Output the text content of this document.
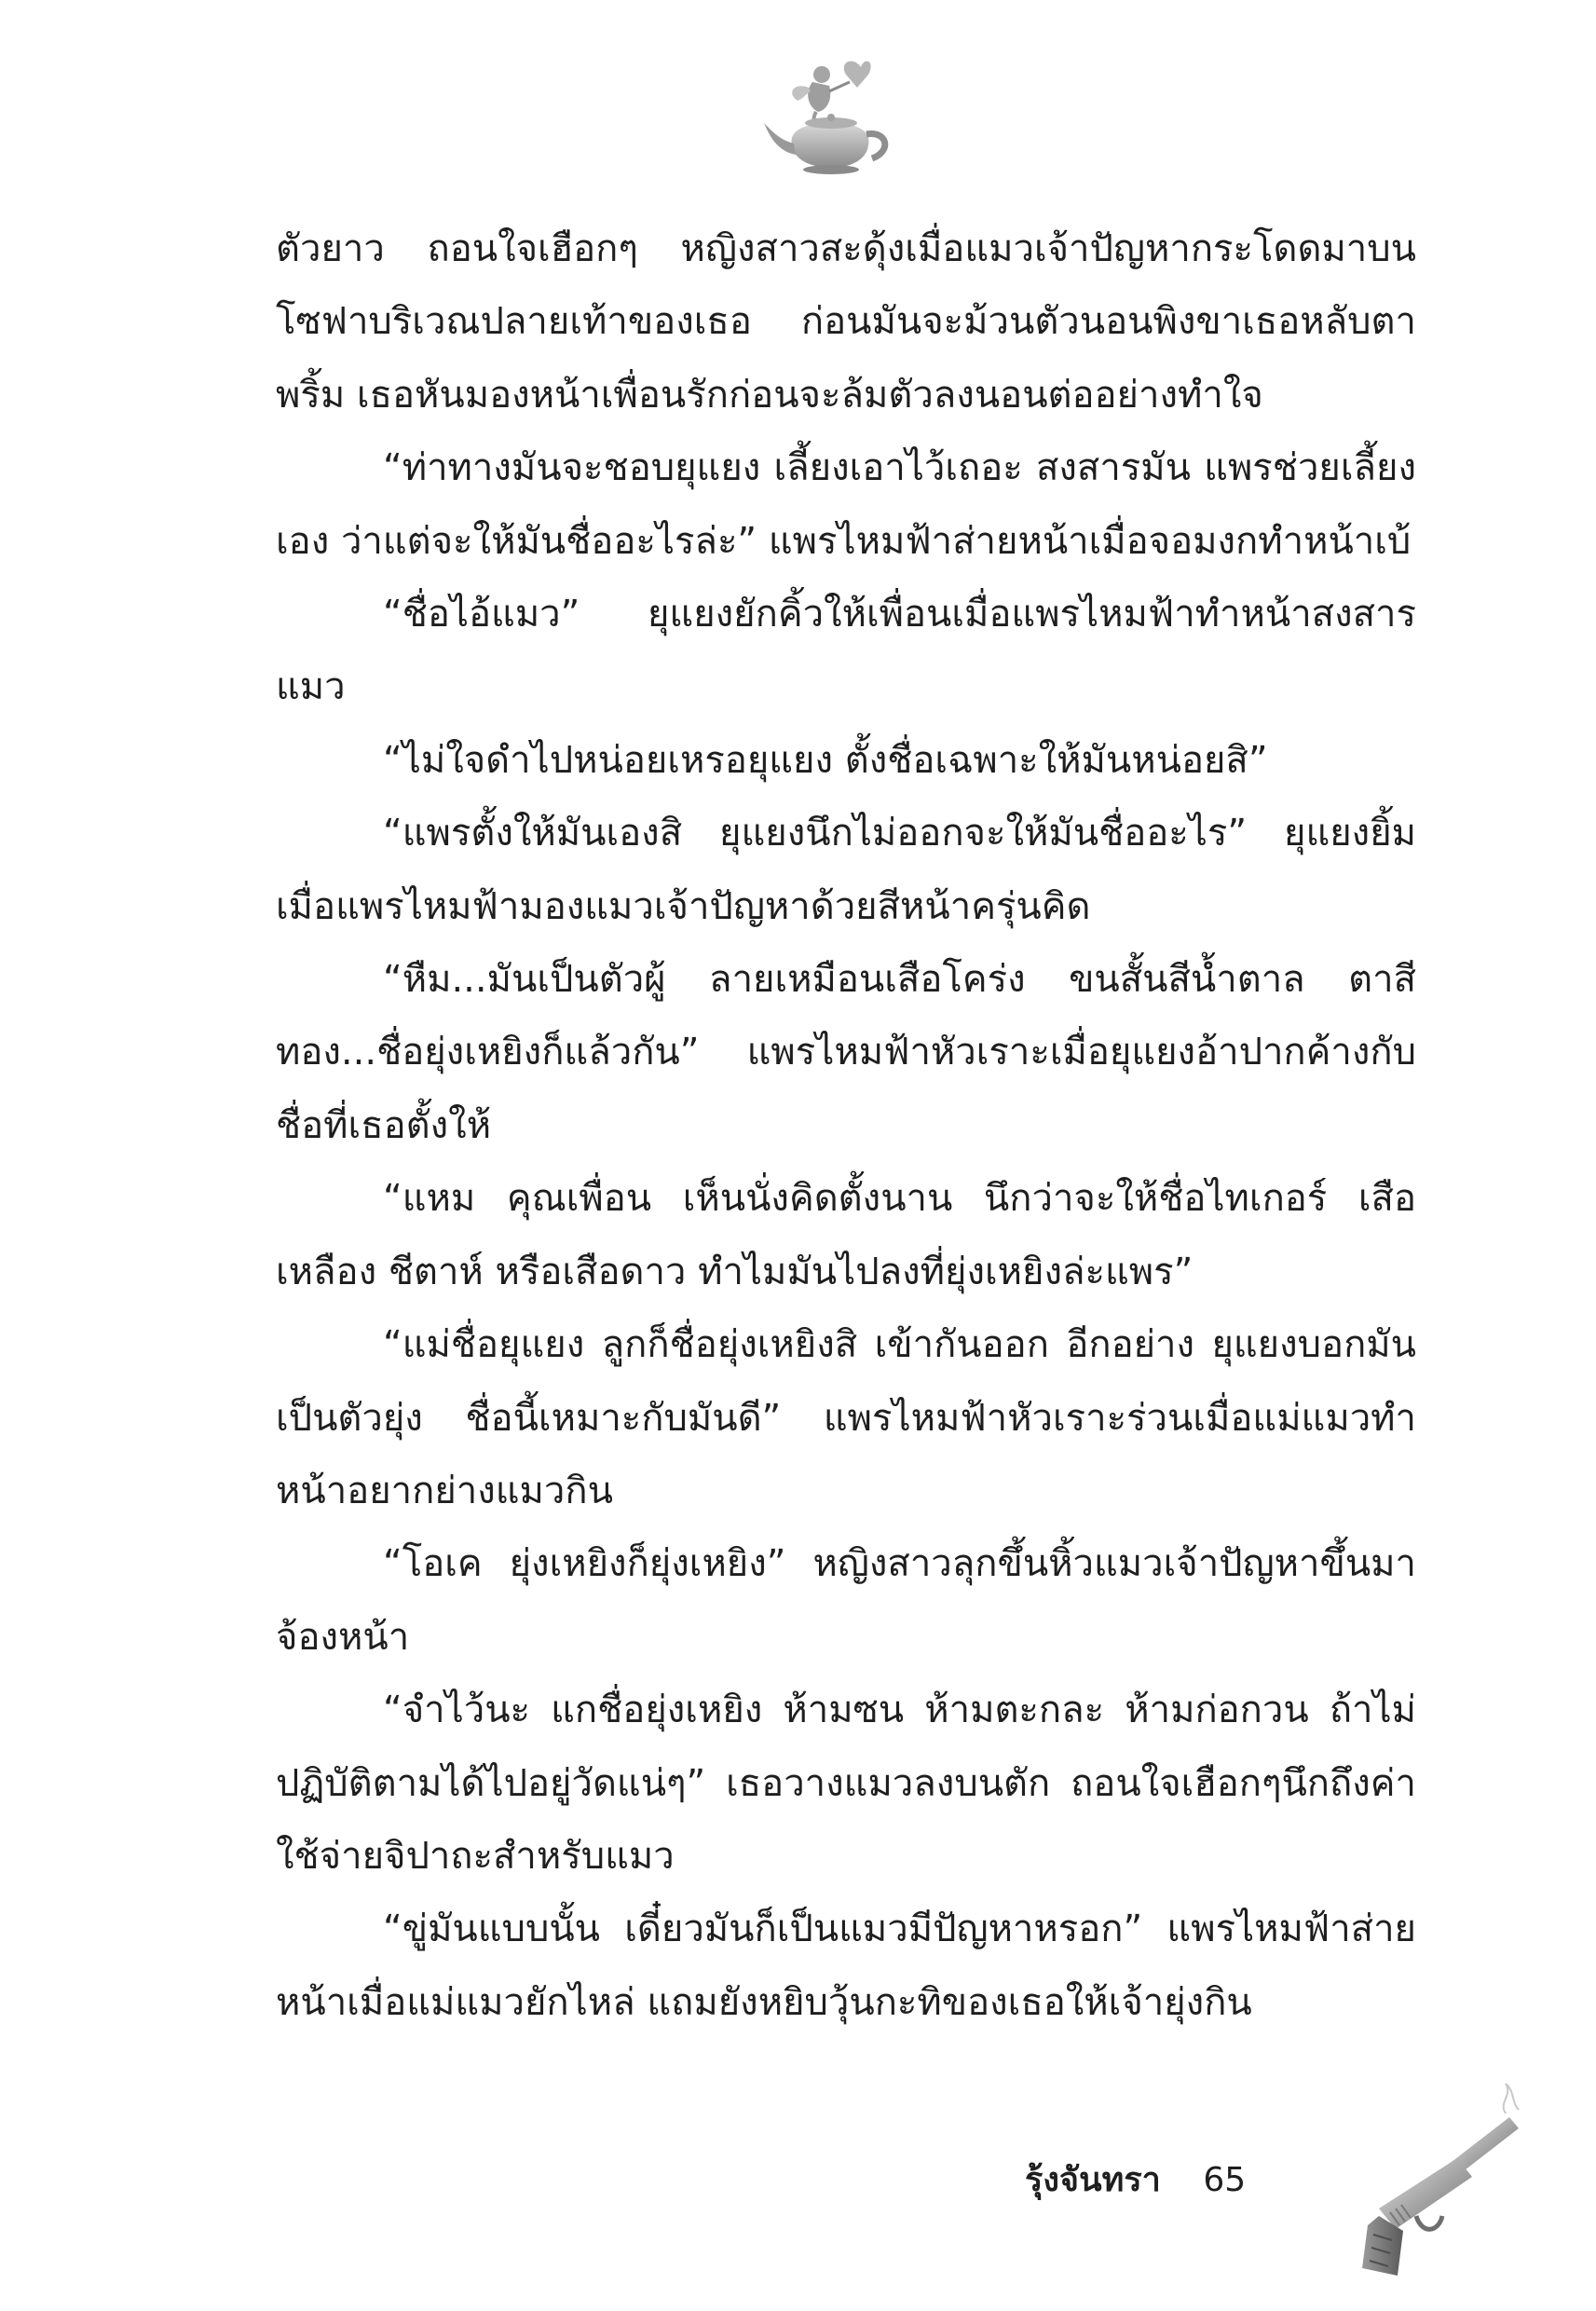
ตัวยาว ถอนใจเฮือกๆ หญิงสาวสะดุ้งเมื่อแมวเจ้าปัญหากระโดดมาบน โซฟาบริเวณปลายเท้าของเธอ ก่อนมันจะม้วนตัวนอนพิงขาเธอหลับตาพริ้ม เธอหันมองหน้าเพื่อนรักก่อนจะล้มตัวลงนอนต่ออย่างทำใจ

“ท่าทางมันจะชอบยุแยง เลี้ยงเอาไว้เถอะ สงสารมัน แพรช่วยเลี้ยงเอง ว่าแต่จะให้มันชื่ออะไรล่ะ” แพรไหมฟ้าส่ายหน้าเมื่อจอมงกทำหน้าเบ้

“ชื่อไอ้แมว” ยุแยงยักคิ้วให้เพื่อนเมื่อแพรไหมฟ้าทำหน้าสงสารแมว

“ไม่ใจดำไปหน่อยเหรอยุแยง ตั้งชื่อเฉพาะให้มันหน่อยสิ”

“แพรตั้งให้มันเองสิ ยุแยงนึกไม่ออกจะให้มันชื่ออะไร” ยุแยงยิ้มเมื่อแพรไหมฟ้ามองแมวเจ้าปัญหาด้วยสีหน้าครุ่นคิด

“หืม...มันเป็นตัวผู้ ลายเหมือนเสือโคร่ง ขนสั้นสีน้ำตาล ตาสีทอง...ชื่อยุ่งเหยิงก็แล้วกัน” แพรไหมฟ้าหัวเราะเมื่อยุแยงอ้าปากค้างกับชื่อที่เธอตั้งให้

“แหม คุณเพื่อน เห็นนั่งคิดตั้งนาน นึกว่าจะให้ชื่อไทเกอร์ เสือเหลือง ชีตาห์ หรือเสือดาว ทำไมมันไปลงที่ยุ่งเหยิงล่ะแพร”

“แม่ชื่อยุแยง ลูกก็ชื่อยุ่งเหยิงสิ เข้ากันออก อีกอย่าง ยุแยงบอกมันเป็นตัวยุ่ง ชื่อนี้เหมาะกับมันดี” แพรไหมฟ้าหัวเราะร่วนเมื่อแม่แมวทำหน้าอยากย่างแมวกิน

“โอเค ยุ่งเหยิงก็ยุ่งเหยิง” หญิงสาวลุกขึ้นหิ้วแมวเจ้าปัญหาขึ้นมาจ้องหน้า

“จำไว้นะ แกชื่อยุ่งเหยิง ห้ามซน ห้ามตะกละ ห้ามก่อกวน ถ้าไม่ปฏิบัติตามได้ไปอยู่วัดแน่ๆ” เธอวางแมวลงบนตัก ถอนใจเฮือกๆนึกถึงค่าใช้จ่ายจิปาถะสำหรับแมว

“ขู่มันแบบนั้น เดี๋ยวมันก็เป็นแมวมีปัญหาหรอก” แพรไหมฟ้าส่ายหน้าเมื่อแม่แมวยักไหล่ แถมยังหยิบวุ้นกะทิของเธอให้เจ้ายุ่งกิน

รุ้งจันทรา 65
